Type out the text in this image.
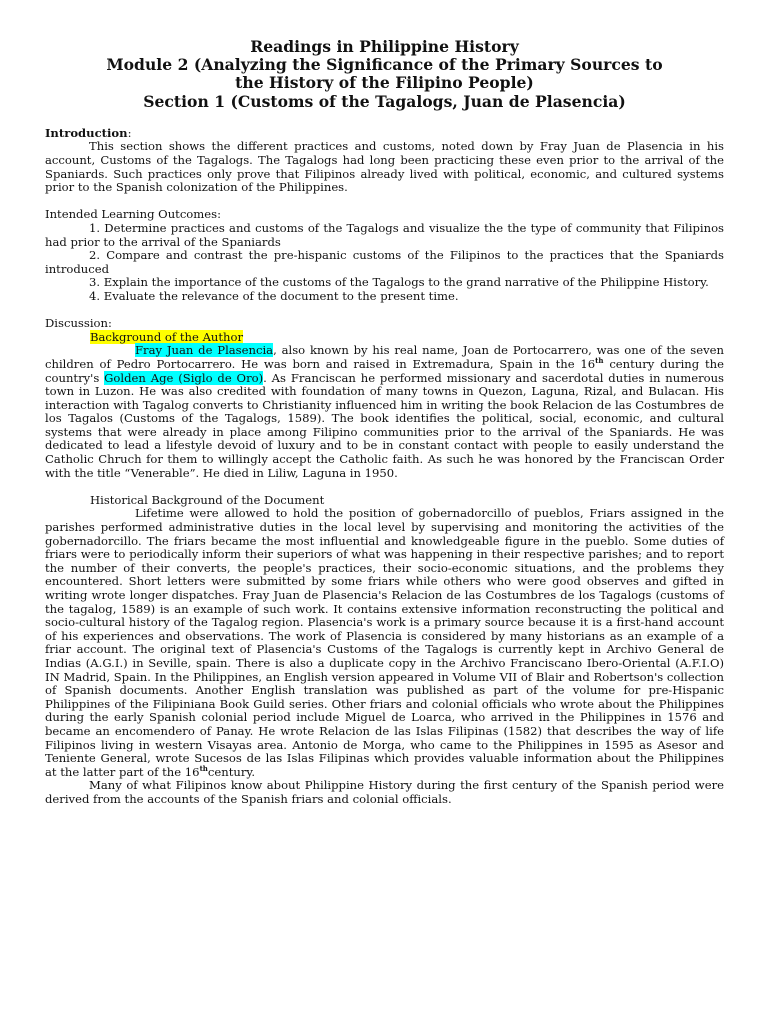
Readings in Philippine History
Module 2 (Analyzing the Significance of the Primary Sources to
the History of the Filipino People)
Section 1 (Customs of the Tagalogs, Juan de Plasencia)

Introduction:

This section shows the different practices and customs, noted down by Fray Juan de Plasencia in his account, Customs of the Tagalogs. The Tagalogs had long been practicing these even prior to the arrival of the Spaniards. Such practices only prove that Filipinos already lived with political, economic, and cultured systems prior to the Spanish colonization of the Philippines.

Intended Learning Outcomes:

1. Determine practices and customs of the Tagalogs and visualize the the type of community that Filipinos had prior to the arrival of the Spaniards

2. Compare and contrast the pre-hispanic customs of the Filipinos to the practices that the Spaniards introduced

3. Explain the importance of the customs of the Tagalogs to the grand narrative of the Philippine History.

4. Evaluate the relevance of the document to the present time.

Discussion:

Background of the Author

Fray Juan de Plasencia, also known by his real name, Joan de Portocarrero, was one of the seven children of Pedro Portocarrero. He was born and raised in Extremadura, Spain in the 16th century during the country's Golden Age (Siglo de Oro). As Franciscan he performed missionary and sacerdotal duties in numerous town in Luzon. He was also credited with foundation of many towns in Quezon, Laguna, Rizal, and Bulacan. His interaction with Tagalog converts to Christianity influenced him in writing the book Relacion de las Costumbres de los Tagalos (Customs of the Tagalogs, 1589). The book identifies the political, social, economic, and cultural systems that were already in place among Filipino communities prior to the arrival of the Spaniards. He was dedicated to lead a lifestyle devoid of luxury and to be in constant contact with people to easily understand the Catholic Chruch for them to willingly accept the Catholic faith. As such he was honored by the Franciscan Order with the title “Venerable”. He died in Liliw, Laguna in 1950.

Historical Background of the Document

Lifetime were allowed to hold the position of gobernadorcillo of pueblos, Friars assigned in the parishes performed administrative duties in the local level by supervising and monitoring the activities of the gobernadorcillo. The friars became the most influential and knowledgeable figure in the pueblo. Some duties of friars were to periodically inform their superiors of what was happening in their respective parishes; and to report the number of their converts, the people's practices, their socio-economic situations, and the problems they encountered. Short letters were submitted by some friars while others who were good observes and gifted in writing wrote longer dispatches. Fray Juan de Plasencia's Relacion de las Costumbres de los Tagalogs (customs of the tagalog, 1589) is an example of such work. It contains extensive information reconstructing the political and socio-cultural history of the Tagalog region. Plasencia's work is a primary source because it is a first-hand account of his experiences and observations. The work of Plasencia is considered by many historians as an example of a friar account. The original text of Plasencia's Customs of the Tagalogs is currently kept in Archivo General de Indias (A.G.I.) in Seville, spain. There is also a duplicate copy in the Archivo Franciscano Ibero-Oriental (A.F.I.O) IN Madrid, Spain. In the Philippines, an English version appeared in Volume VII of Blair and Robertson's collection of Spanish documents. Another English translation was published as part of the volume for pre-Hispanic Philippines of the Filipiniana Book Guild series. Other friars and colonial officials who wrote about the Philippines during the early Spanish colonial period include Miguel de Loarca, who arrived in the Philippines in 1576 and became an encomendero of Panay. He wrote Relacion de las Islas Filipinas (1582) that describes the way of life Filipinos living in western Visayas area. Antonio de Morga, who came to the Philippines in 1595 as Asesor and Teniente General, wrote Sucesos de las Islas Filipinas which provides valuable information about the Philippines at the latter part of the 16thcentury.

Many of what Filipinos know about Philippine History during the first century of the Spanish period were derived from the accounts of the Spanish friars and colonial officials.
